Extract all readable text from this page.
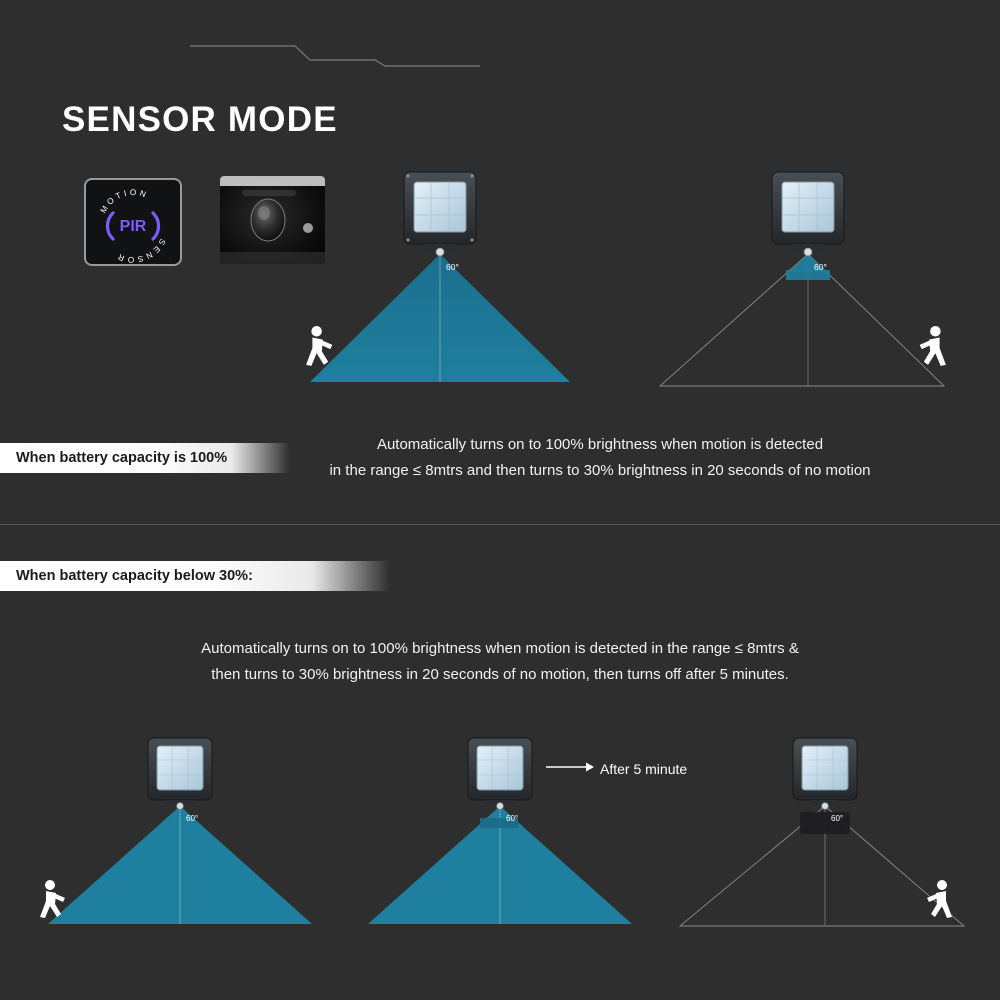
SENSOR MODE
MOTION
SENSOR
PIR
60°	60°
When battery capacity is 100%
Automatically turns on to 100% brightness when motion is detected
in the range ≤ 8mtrs and then turns to 30% brightness in 20 seconds of no motion
When battery capacity below 30%:
Automatically turns on to 100% brightness when motion is detected in the range ≤ 8mtrs &
then turns to 30% brightness in 20 seconds of no motion, then turns off after 5 minutes.
60°	60°
After 5 minute
60°
